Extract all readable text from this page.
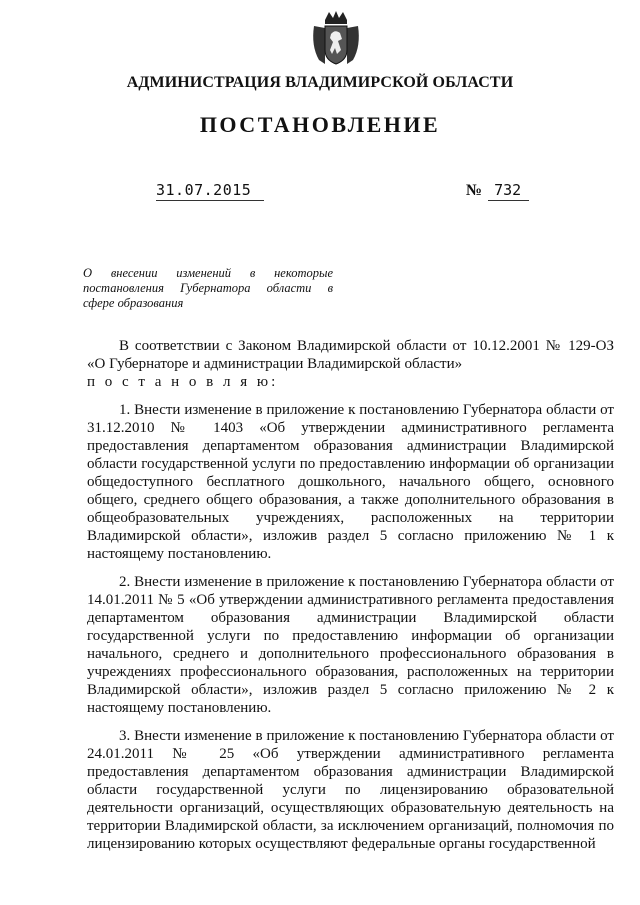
АДМИНИСТРАЦИЯ ВЛАДИМИРСКОЙ ОБЛАСТИ
ПОСТАНОВЛЕНИЕ
31.07.2015	№ 732
О внесении изменений в некоторые
постановления Губернатора области в
сфере образования

В соответствии с Законом Владимирской области от 10.12.2001 № 129-ОЗ «О Губернаторе и администрации Владимирской области»

п о с т а н о в л я ю:

1. Внести изменение в приложение к постановлению Губернатора области от 31.12.2010 № 1403 «Об утверждении административного регламента предоставления департаментом образования администрации Владимирской области государственной услуги по предоставлению информации об организации общедоступного бесплатного дошкольного, начального общего, основного общего, среднего общего образования, а также дополнительного образования в общеобразовательных учреждениях, расположенных на территории Владимирской области», изложив раздел 5 согласно приложению № 1 к настоящему постановлению.

2. Внести изменение в приложение к постановлению Губернатора области от 14.01.2011 № 5 «Об утверждении административного регламента предоставления департаментом образования администрации Владимирской области государственной услуги по предоставлению информации об организации начального, среднего и дополнительного профессионального образования в учреждениях профессионального образования, расположенных на территории Владимирской области», изложив раздел 5 согласно приложению № 2 к настоящему постановлению.

3. Внести изменение в приложение к постановлению Губернатора области от 24.01.2011 № 25 «Об утверждении административного регламента предоставления департаментом образования администрации Владимирской области государственной услуги по лицензированию образовательной деятельности организаций, осуществляющих образовательную деятельность на территории Владимирской области, за исключением организаций, полномочия по лицензированию которых осуществляют федеральные органы государственной
